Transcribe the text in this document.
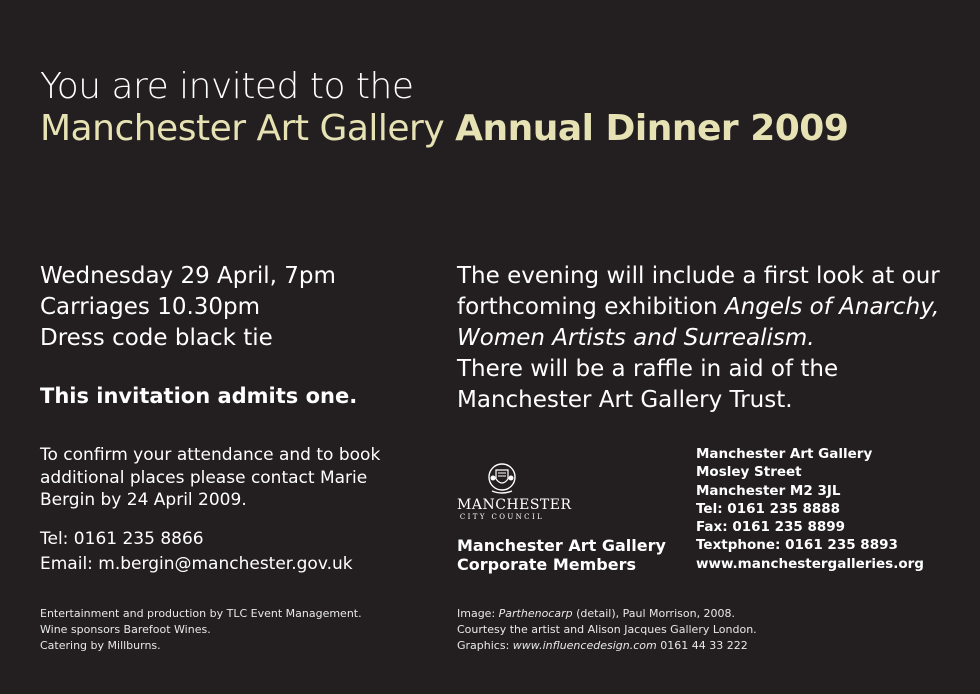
You are invited to the
Manchester Art Gallery Annual Dinner 2009
Wednesday 29 April, 7pm
Carriages 10.30pm
Dress code black tie
This invitation admits one.
The evening will include a first look at our
forthcoming exhibition Angels of Anarchy,
Women Artists and Surrealism.
There will be a raffle in aid of the
Manchester Art Gallery Trust.
To confirm your attendance and to book additional places please contact Marie Bergin by 24 April 2009.
Tel: 0161 235 8866
Email: m.bergin@manchester.gov.uk
MANCHESTER
CITY COUNCIL
Manchester Art Gallery
Corporate Members
Manchester Art Gallery
Mosley Street
Manchester M2 3JL
Tel: 0161 235 8888
Fax: 0161 235 8899
Textphone: 0161 235 8893
www.manchestergalleries.org
Entertainment and production by TLC Event Management.
Wine sponsors Barefoot Wines.
Catering by Millburns.
Image: Parthenocarp (detail), Paul Morrison, 2008.
Courtesy the artist and Alison Jacques Gallery London.
Graphics: www.influencedesign.com 0161 44 33 222
